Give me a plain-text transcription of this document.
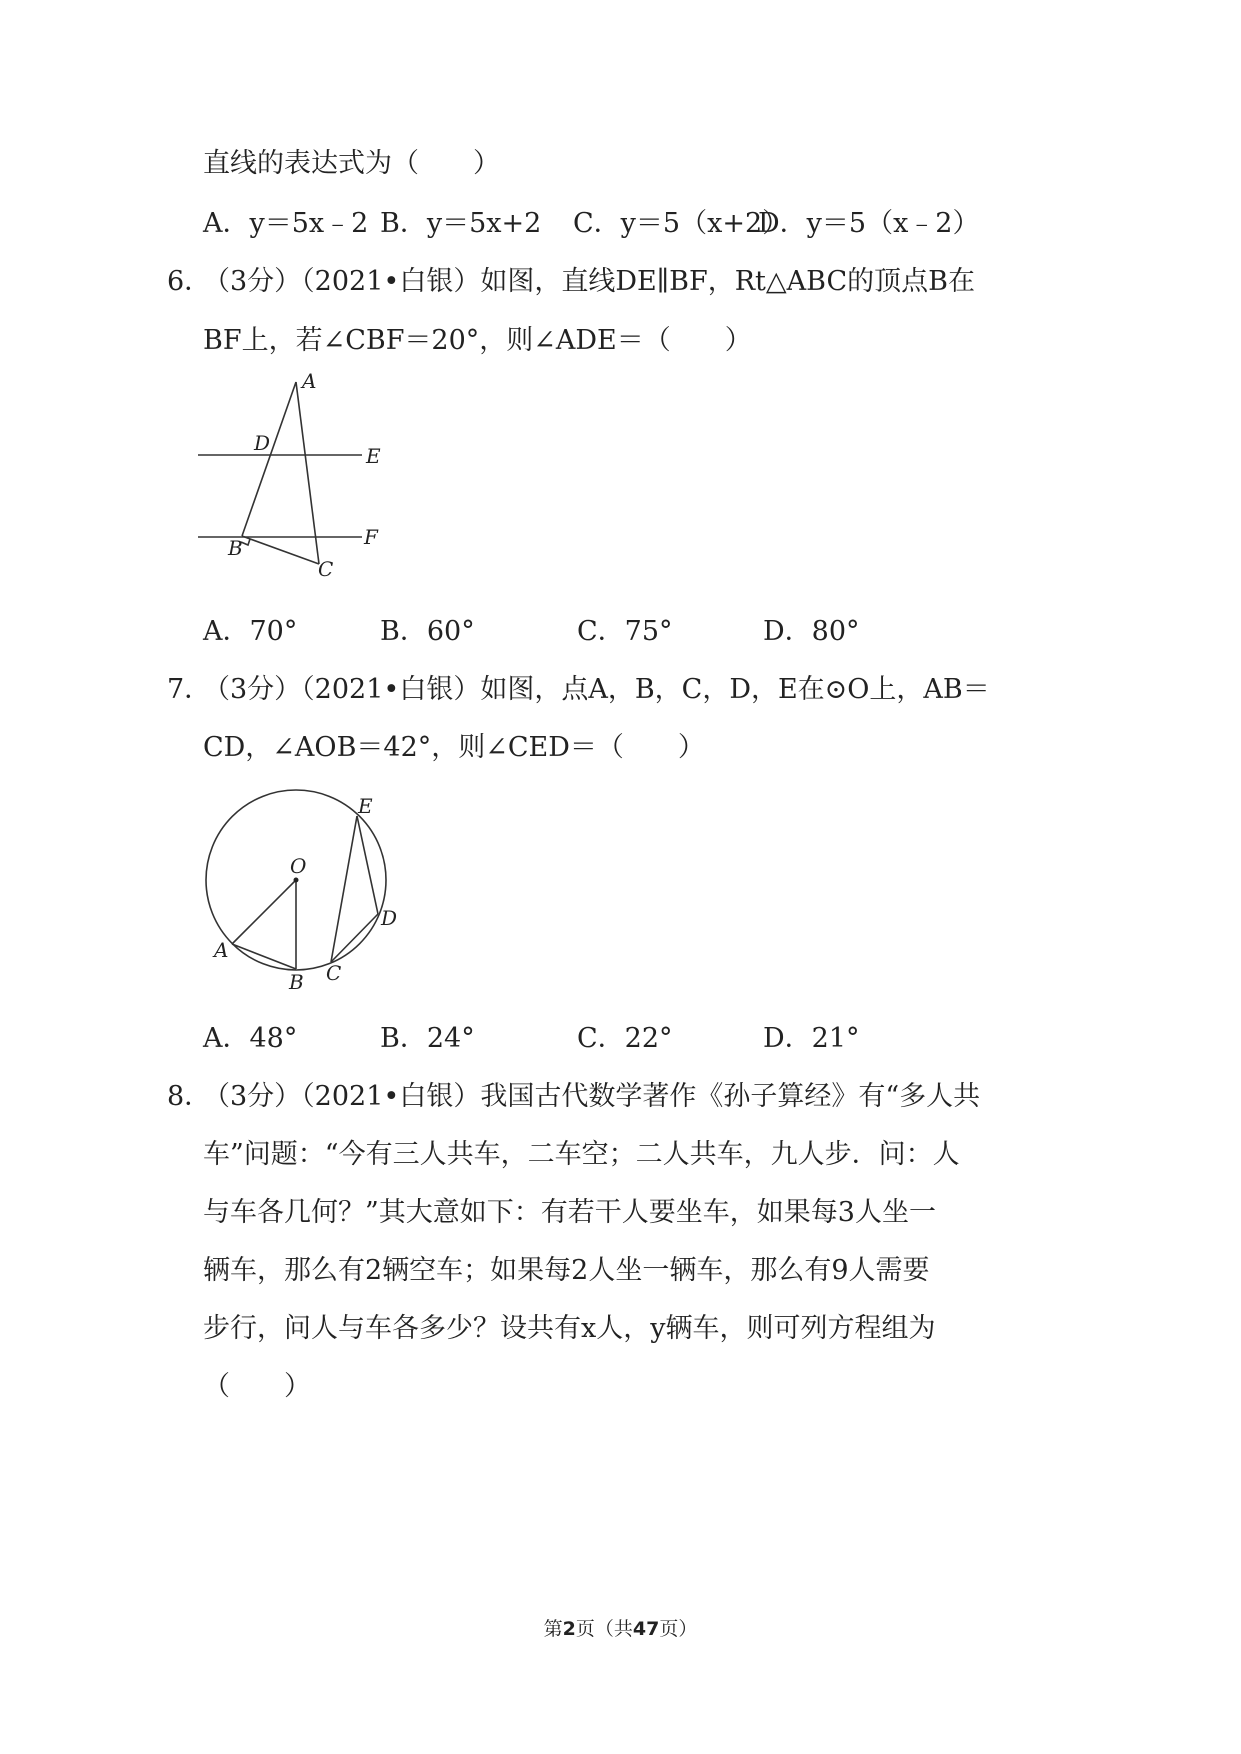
直线的表达式为（　　）
A．y＝5x﹣2 B．y＝5x+2 C．y＝5（x+2）
D．y＝5（x﹣2）
6．
（3分）（2021•白银）如图，直线DE∥BF，Rt△ABC的顶点B在
BF上，若∠CBF＝20°，则∠ADE＝（　　）
A
D
E
B	F
C
A．70°	B．60°	C．75°	D．80°
7．
（3分）（2021•白银）如图，点A，B，C，D，E在⊙O上，AB＝
CD，∠AOB＝42°，则∠CED＝（　　）
O
E
D
A
B C
A．48°	B．24°	C．22°	D．21°
8．
（3分）（2021•白银）我国古代数学著作《孙子算经》有“多人共
车”问题：“今有三人共车，二车空；二人共车，九人步．问：人
与车各几何？”其大意如下：有若干人要坐车，如果每3人坐一
辆车，那么有2辆空车；如果每2人坐一辆车，那么有9人需要
步行，问人与车各多少？设共有x人，y辆车，则可列方程组为
（　　）
第2页（共47页）
